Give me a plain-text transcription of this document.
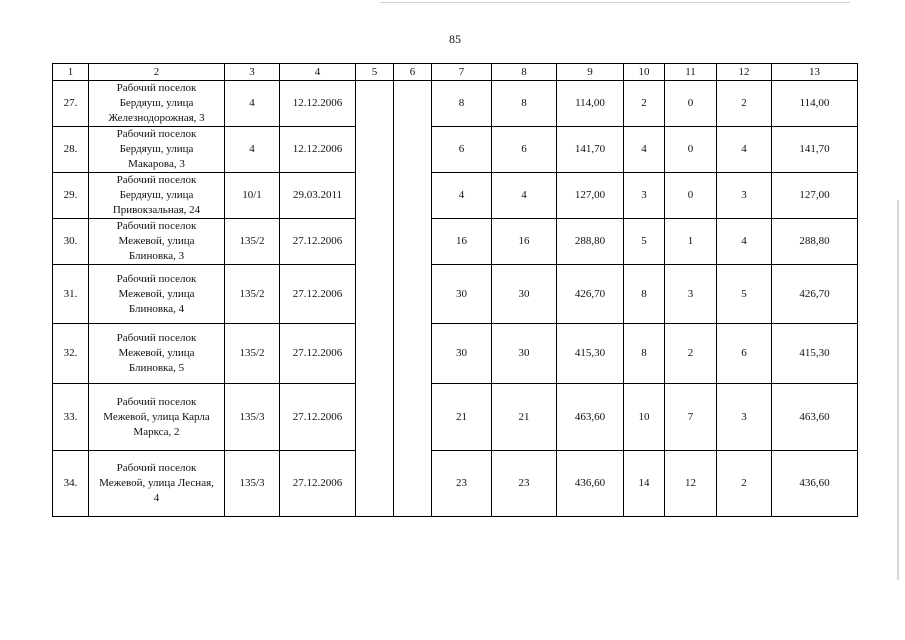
85
1	2	3	4	5	6	7	8	9	10	11	12	13
27.	Рабочий поселок
Бердяуш, улица
Железнодорожная, 3	4	12.12.2006			8	8	114,00	2	0	2	114,00
28.	Рабочий поселок
Бердяуш, улица
Макарова, 3	4	12.12.2006			6	6	141,70	4	0	4	141,70
29.	Рабочий поселок
Бердяуш, улица
Привокзальная, 24	10/1	29.03.2011			4	4	127,00	3	0	3	127,00
30.	Рабочий поселок
Межевой, улица
Блиновка, 3	135/2	27.12.2006			16	16	288,80	5	1	4	288,80
31.	Рабочий поселок
Межевой, улица
Блиновка, 4	135/2	27.12.2006			30	30	426,70	8	3	5	426,70
32.	Рабочий поселок
Межевой, улица
Блиновка, 5	135/2	27.12.2006			30	30	415,30	8	2	6	415,30
33.	Рабочий поселок
Межевой, улица Карла
Маркса, 2	135/3	27.12.2006			21	21	463,60	10	7	3	463,60
34.	Рабочий поселок
Межевой, улица Лесная,
4	135/3	27.12.2006			23	23	436,60	14	12	2	436,60
